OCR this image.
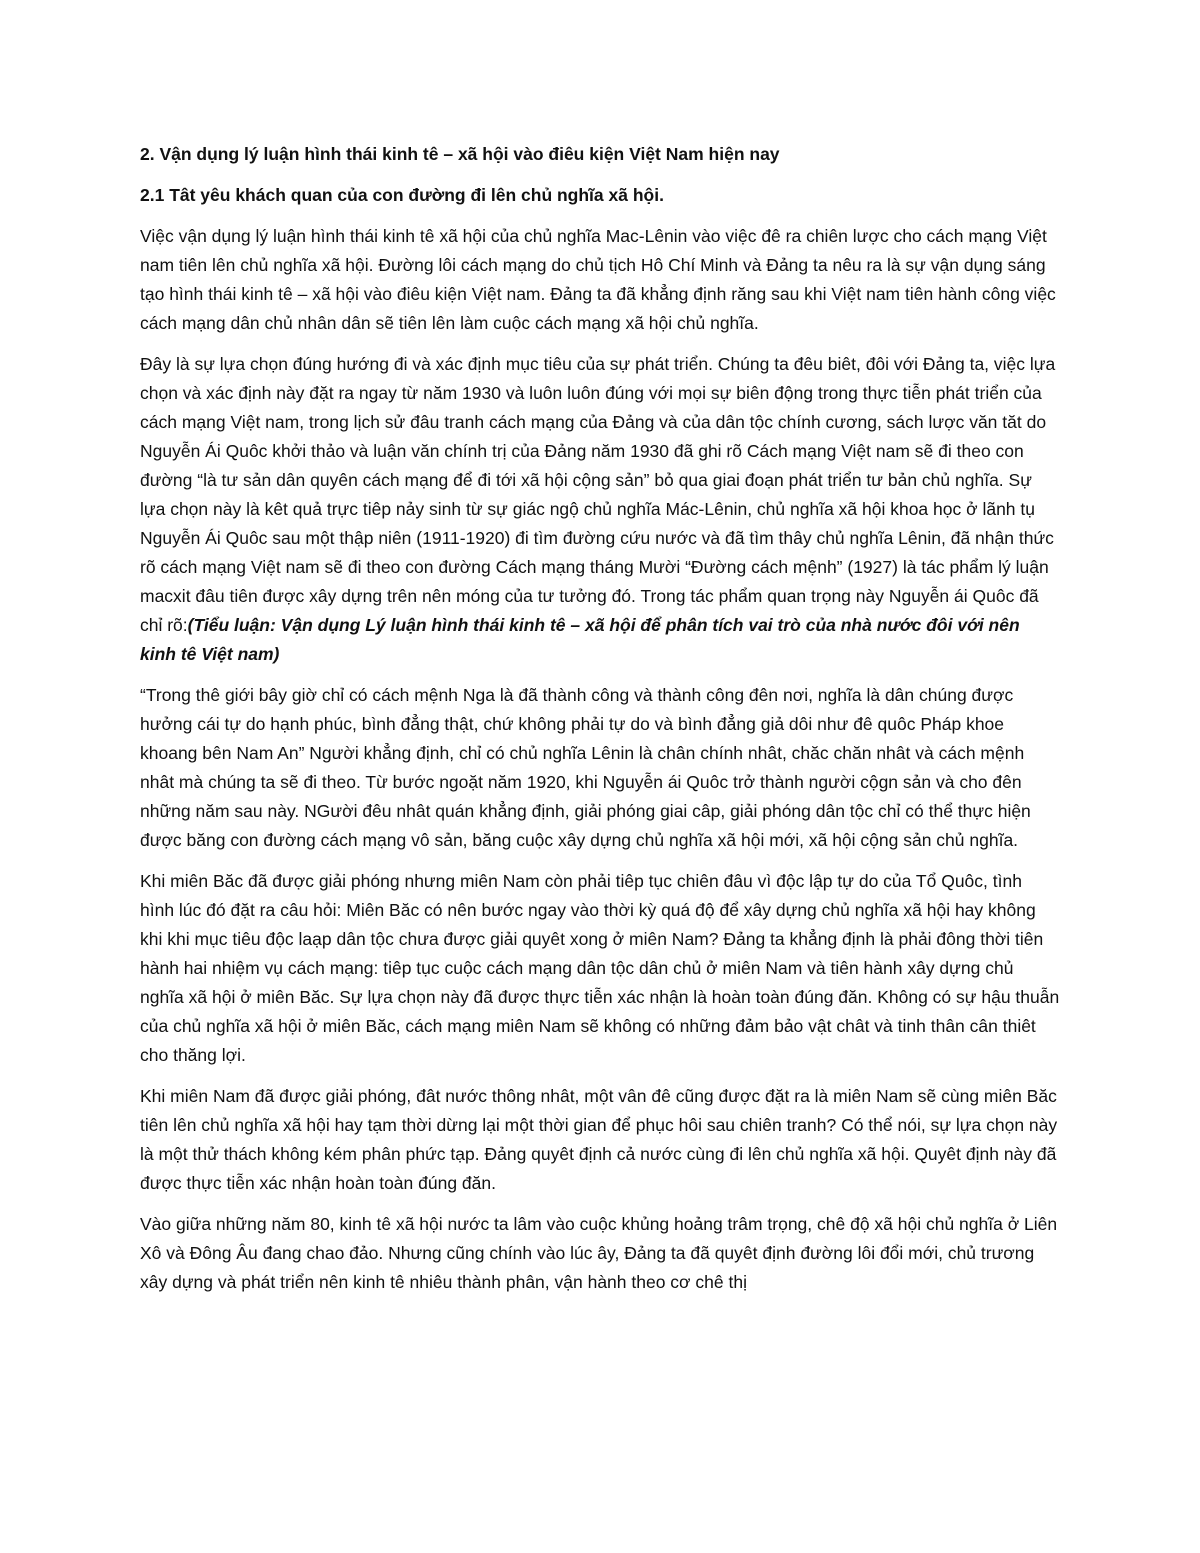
2. Vận dụng lý luận hình thái kinh tê – xã hội vào điêu kiện Việt Nam hiện nay
2.1 Tât yêu khách quan của con đường đi lên chủ nghĩa xã hội.

Việc vận dụng lý luận hình thái kinh tê xã hội của chủ nghĩa Mac-Lênin vào việc đê ra chiên lược cho cách mạng Việt nam tiên lên chủ nghĩa xã hội. Đường lôi cách mạng do chủ tịch Hô Chí Minh và Đảng ta nêu ra là sự vận dụng sáng tạo hình thái kinh tê – xã hội vào điêu kiện Việt nam. Đảng ta đã khẳng định răng sau khi Việt nam tiên hành công việc cách mạng dân chủ nhân dân sẽ tiên lên làm cuộc cách mạng xã hội chủ nghĩa.

Đây là sự lựa chọn đúng hướng đi và xác định mục tiêu của sự phát triển. Chúng ta đêu biêt, đôi với Đảng ta, việc lựa chọn và xác định này đặt ra ngay từ năm 1930 và luôn luôn đúng với mọi sự biên động trong thực tiễn phát triển của cách mạng Việt nam, trong lịch sử đâu tranh cách mạng của Đảng và của dân tộc chính cương, sách lược văn tăt do Nguyễn Ái Quôc khởi thảo và luận văn chính trị của Đảng năm 1930 đã ghi rõ Cách mạng Việt nam sẽ đi theo con đường “là tư sản dân quyên cách mạng để đi tới xã hội cộng sản” bỏ qua giai đoạn phát triển tư bản chủ nghĩa. Sự lựa chọn này là kêt quả trực tiêp nảy sinh từ sự giác ngộ chủ nghĩa Mác-Lênin, chủ nghĩa xã hội khoa học ở lãnh tụ Nguyễn Ái Quôc sau một thập niên (1911-1920) đi tìm đường cứu nước và đã tìm thây chủ nghĩa Lênin, đã nhận thức rõ cách mạng Việt nam sẽ đi theo con đường Cách mạng tháng Mười “Đường cách mệnh” (1927) là tác phẩm lý luận macxit đâu tiên được xây dựng trên nên móng của tư tưởng đó. Trong tác phẩm quan trọng này Nguyễn ái Quôc đã chỉ rõ:(Tiểu luận: Vận dụng Lý luận hình thái kinh tê – xã hội để phân tích vai trò của nhà nước đôi với nên kinh tê Việt nam)

“Trong thê giới bây giờ chỉ có cách mệnh Nga là đã thành công và thành công đên nơi, nghĩa là dân chúng được hưởng cái tự do hạnh phúc, bình đẳng thật, chứ không phải tự do và bình đẳng giả dôi như đê quôc Pháp khoe khoang bên Nam An” Người khẳng định, chỉ có chủ nghĩa Lênin là chân chính nhât, chăc chăn nhât và cách mệnh nhât mà chúng ta sẽ đi theo. Từ bước ngoặt năm 1920, khi Nguyễn ái Quôc trở thành người cộgn sản và cho đên những năm sau này. NGười đêu nhât quán khẳng định, giải phóng giai câp, giải phóng dân tộc chỉ có thể thực hiện được băng con đường cách mạng vô sản, băng cuộc xây dựng chủ nghĩa xã hội mới, xã hội cộng sản chủ nghĩa.

Khi miên Băc đã được giải phóng nhưng miên Nam còn phải tiêp tục chiên đâu vì độc lập tự do của Tổ Quôc, tình hình lúc đó đặt ra câu hỏi: Miên Băc có nên bước ngay vào thời kỳ quá độ để xây dựng chủ nghĩa xã hội hay không khi khi mục tiêu độc laạp dân tộc chưa được giải quyêt xong ở miên Nam? Đảng ta khẳng định là phải đông thời tiên hành hai nhiệm vụ cách mạng: tiêp tục cuộc cách mạng dân tộc dân chủ ở miên Nam và tiên hành xây dựng chủ nghĩa xã hội ở miên Băc. Sự lựa chọn này đã được thực tiễn xác nhận là hoàn toàn đúng đăn. Không có sự hậu thuẫn của chủ nghĩa xã hội ở miên Băc, cách mạng miên Nam sẽ không có những đảm bảo vật chât và tinh thân cân thiêt cho thăng lợi.

Khi miên Nam đã được giải phóng, đât nước thông nhât, một vân đê cũng được đặt ra là miên Nam sẽ cùng miên Băc tiên lên chủ nghĩa xã hội hay tạm thời dừng lại một thời gian để phục hôi sau chiên tranh? Có thể nói, sự lựa chọn này là một thử thách không kém phân phức tạp. Đảng quyêt định cả nước cùng đi lên chủ nghĩa xã hội. Quyêt định này đã được thực tiễn xác nhận hoàn toàn đúng đăn.

Vào giữa những năm 80, kinh tê xã hội nước ta lâm vào cuộc khủng hoảng trâm trọng, chê độ xã hội chủ nghĩa ở Liên Xô và Đông Âu đang chao đảo. Nhưng cũng chính vào lúc ây, Đảng ta đã quyêt định đường lôi đổi mới, chủ trương xây dựng và phát triển nên kinh tê nhiêu thành phân, vận hành theo cơ chê thị
